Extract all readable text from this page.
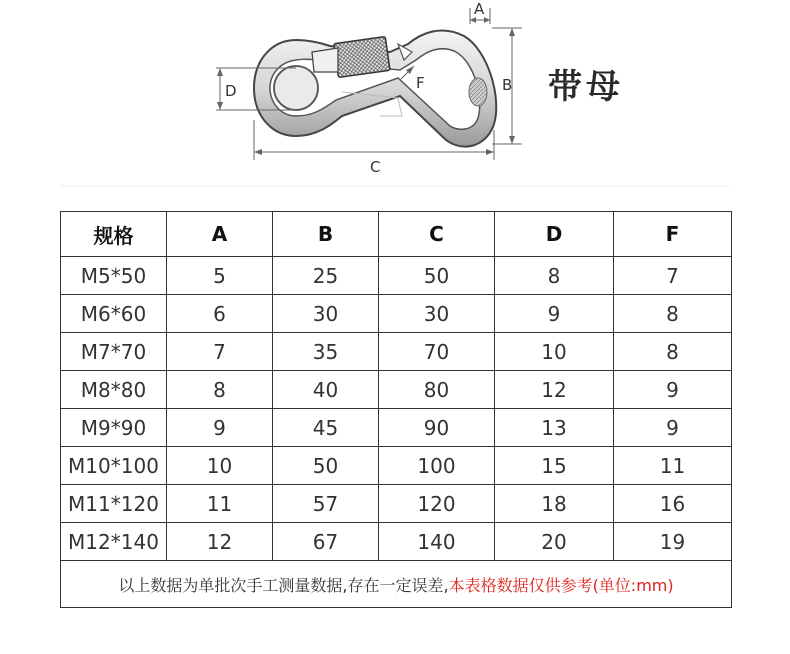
A
B
C
D	F	带母
规格	A	B	C	D	F
M5*50	5	25	50	8	7
M6*60	6	30	30	9	8
M7*70	7	35	70	10	8
M8*80	8	40	80	12	9
M9*90	9	45	90	13	9
M10*100	10	50	100	15	11
M11*120	11	57	120	18	16
M12*140	12	67	140	20	19
以上数据为单批次手工测量数据,存在一定误差,本表格数据仅供参考(单位:mm)					
